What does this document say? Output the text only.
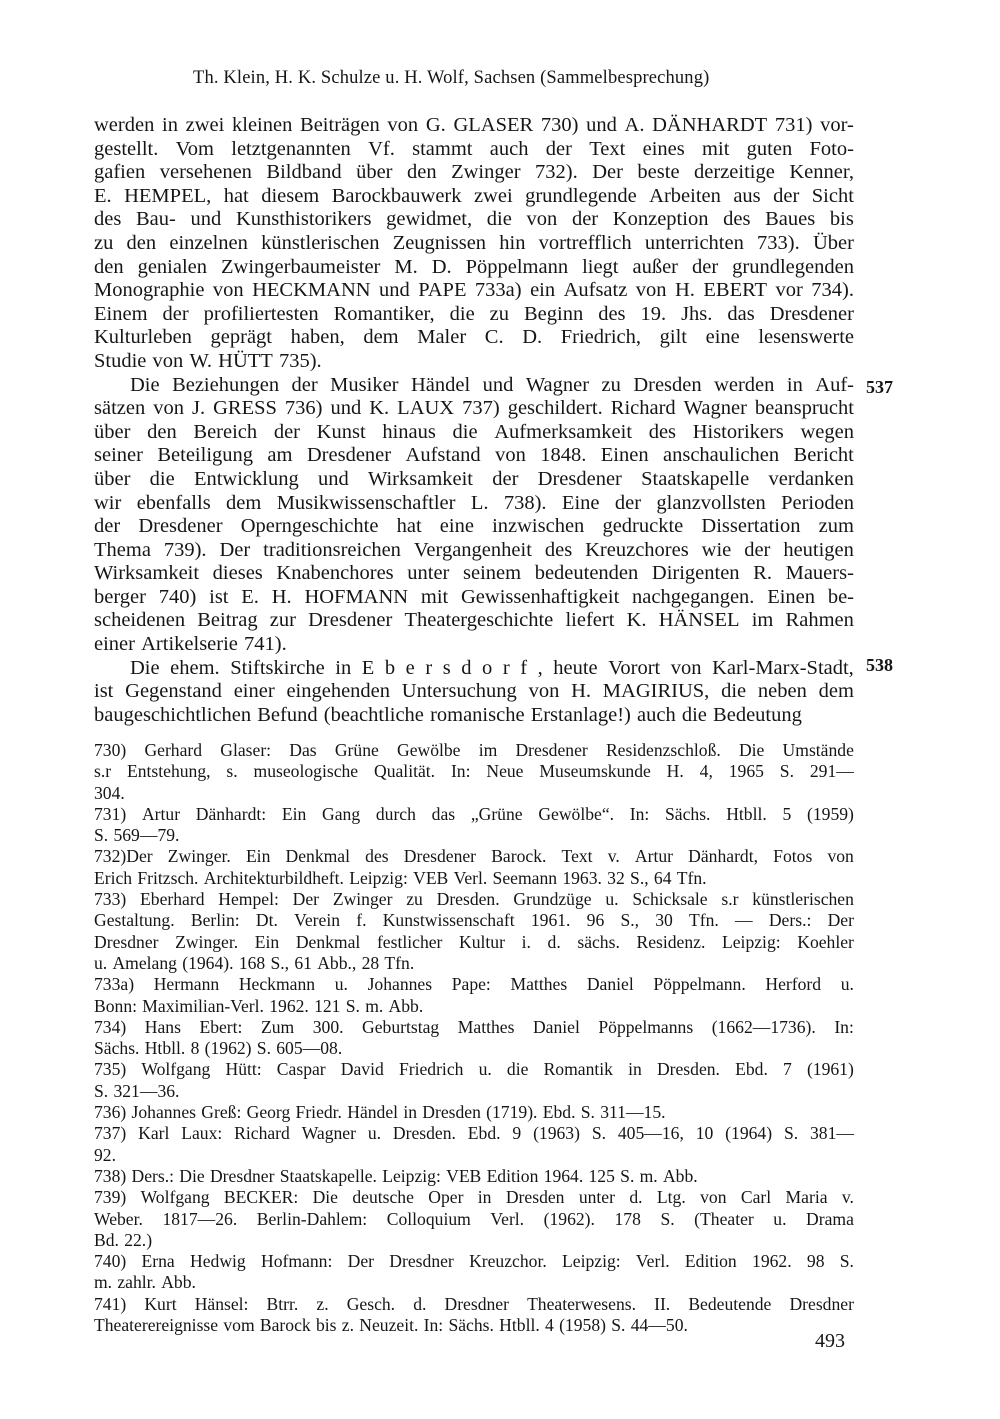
Th. Klein, H. K. Schulze u. H. Wolf, Sachsen (Sammelbesprechung)
werden in zwei kleinen Beiträgen von G. GLASER 730) und A. DÄNHARDT 731) vor-
gestellt. Vom letztgenannten Vf. stammt auch der Text eines mit guten Foto-
gafien versehenen Bildband über den Zwinger 732). Der beste derzeitige Kenner,
E. HEMPEL, hat diesem Barockbauwerk zwei grundlegende Arbeiten aus der Sicht
des Bau- und Kunsthistorikers gewidmet, die von der Konzeption des Baues bis
zu den einzelnen künstlerischen Zeugnissen hin vortrefflich unterrichten 733). Über
den genialen Zwingerbaumeister M. D. Pöppelmann liegt außer der grundlegenden
Monographie von HECKMANN und PAPE 733a) ein Aufsatz von H. EBERT vor 734).
Einem der profiliertesten Romantiker, die zu Beginn des 19. Jhs. das Dresdener
Kulturleben geprägt haben, dem Maler C. D. Friedrich, gilt eine lesenswerte
Studie von W. HÜTT 735).
Die Beziehungen der Musiker Händel und Wagner zu Dresden werden in Auf-
sätzen von J. GRESS 736) und K. LAUX 737) geschildert. Richard Wagner beansprucht
über den Bereich der Kunst hinaus die Aufmerksamkeit des Historikers wegen
seiner Beteiligung am Dresdener Aufstand von 1848. Einen anschaulichen Bericht
über die Entwicklung und Wirksamkeit der Dresdener Staatskapelle verdanken
wir ebenfalls dem Musikwissenschaftler L. 738). Eine der glanzvollsten Perioden
der Dresdener Operngeschichte hat eine inzwischen gedruckte Dissertation zum
Thema 739). Der traditionsreichen Vergangenheit des Kreuzchores wie der heutigen
Wirksamkeit dieses Knabenchores unter seinem bedeutenden Dirigenten R. Mauers-
berger 740) ist E. H. HOFMANN mit Gewissenhaftigkeit nachgegangen. Einen be-
scheidenen Beitrag zur Dresdener Theatergeschichte liefert K. HÄNSEL im Rahmen
einer Artikelserie 741).
Die ehem. Stiftskirche in E b e r s d o r f , heute Vorort von Karl-Marx-Stadt,
ist Gegenstand einer eingehenden Untersuchung von H. MAGIRIUS, die neben dem
baugeschichtlichen Befund (beachtliche romanische Erstanlage!) auch die Bedeutung
537
538
730) Gerhard Glaser: Das Grüne Gewölbe im Dresdener Residenzschloß. Die Umstände
s.r Entstehung, s. museologische Qualität. In: Neue Museumskunde H. 4, 1965 S. 291—
304.
731) Artur Dänhardt: Ein Gang durch das „Grüne Gewölbe“. In: Sächs. Htbll. 5 (1959)
S. 569—79.
732)Der Zwinger. Ein Denkmal des Dresdener Barock. Text v. Artur Dänhardt, Fotos von
Erich Fritzsch. Architekturbildheft. Leipzig: VEB Verl. Seemann 1963. 32 S., 64 Tfn.
733) Eberhard Hempel: Der Zwinger zu Dresden. Grundzüge u. Schicksale s.r künstlerischen
Gestaltung. Berlin: Dt. Verein f. Kunstwissenschaft 1961. 96 S., 30 Tfn. — Ders.: Der
Dresdner Zwinger. Ein Denkmal festlicher Kultur i. d. sächs. Residenz. Leipzig: Koehler
u. Amelang (1964). 168 S., 61 Abb., 28 Tfn.
733a) Hermann Heckmann u. Johannes Pape: Matthes Daniel Pöppelmann. Herford u.
Bonn: Maximilian-Verl. 1962. 121 S. m. Abb.
734) Hans Ebert: Zum 300. Geburtstag Matthes Daniel Pöppelmanns (1662—1736). In:
Sächs. Htbll. 8 (1962) S. 605—08.
735) Wolfgang Hütt: Caspar David Friedrich u. die Romantik in Dresden. Ebd. 7 (1961)
S. 321—36.
736) Johannes Greß: Georg Friedr. Händel in Dresden (1719). Ebd. S. 311—15.
737) Karl Laux: Richard Wagner u. Dresden. Ebd. 9 (1963) S. 405—16, 10 (1964) S. 381—
92.
738) Ders.: Die Dresdner Staatskapelle. Leipzig: VEB Edition 1964. 125 S. m. Abb.
739) Wolfgang BECKER: Die deutsche Oper in Dresden unter d. Ltg. von Carl Maria v.
Weber. 1817—26. Berlin-Dahlem: Colloquium Verl. (1962). 178 S. (Theater u. Drama
Bd. 22.)
740) Erna Hedwig Hofmann: Der Dresdner Kreuzchor. Leipzig: Verl. Edition 1962. 98 S.
m. zahlr. Abb.
741) Kurt Hänsel: Btrr. z. Gesch. d. Dresdner Theaterwesens. II. Bedeutende Dresdner
Theaterereignisse vom Barock bis z. Neuzeit. In: Sächs. Htbll. 4 (1958) S. 44—50.
493
